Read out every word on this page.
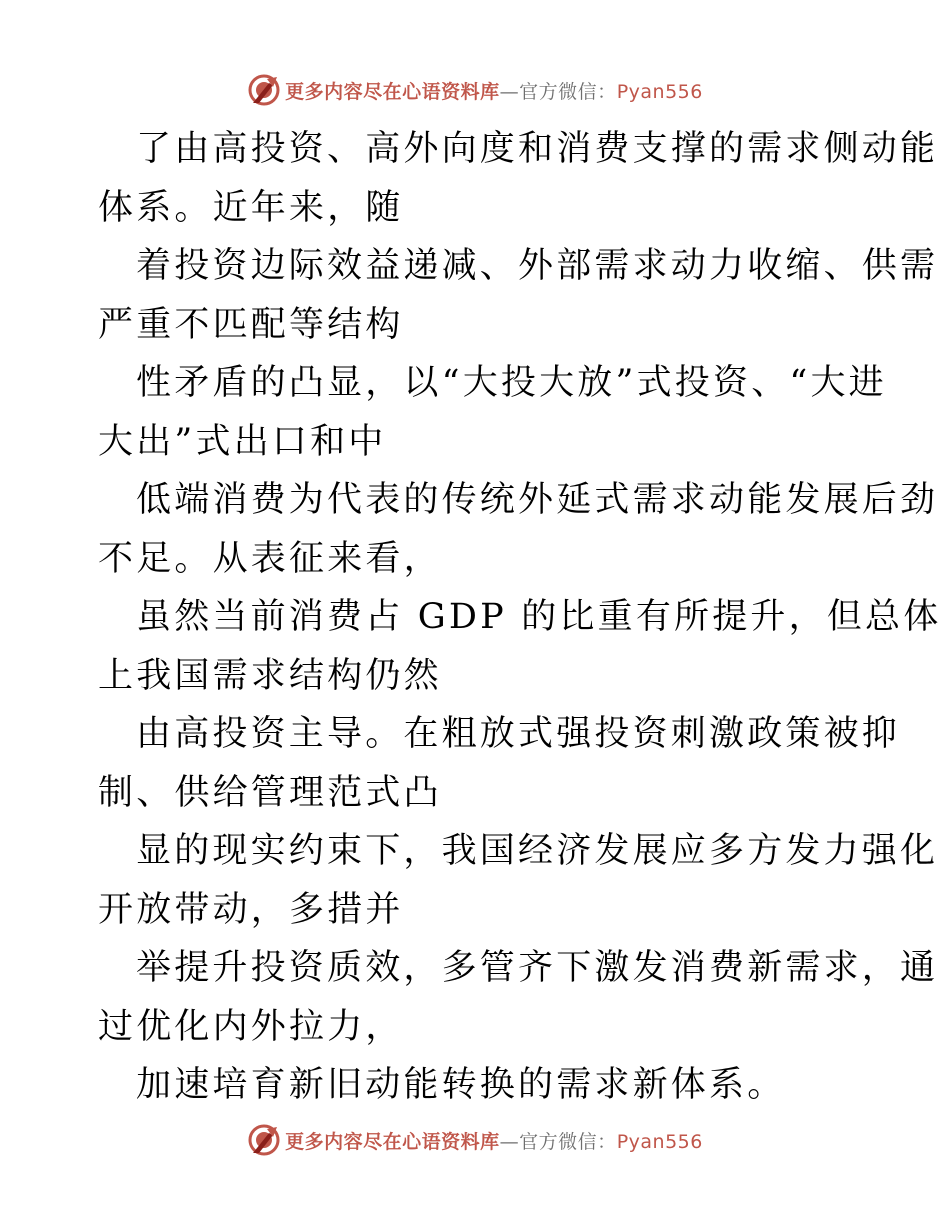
更多内容尽在心语资料库—官方微信：Pyan556
了由高投资、高外向度和消费支撑的需求侧动能
体系。近年来，随
着投资边际效益递减、外部需求动力收缩、供需
严重不匹配等结构
性矛盾的凸显，以“大投大放”式投资、“大进
大出”式出口和中
低端消费为代表的传统外延式需求动能发展后劲
不足。从表征来看，
虽然当前消费占 GDP 的比重有所提升，但总体
上我国需求结构仍然
由高投资主导。在粗放式强投资刺激政策被抑
制、供给管理范式凸
显的现实约束下，我国经济发展应多方发力强化
开放带动，多措并
举提升投资质效，多管齐下激发消费新需求，通
过优化内外拉力，
加速培育新旧动能转换的需求新体系。
更多内容尽在心语资料库—官方微信：Pyan556
